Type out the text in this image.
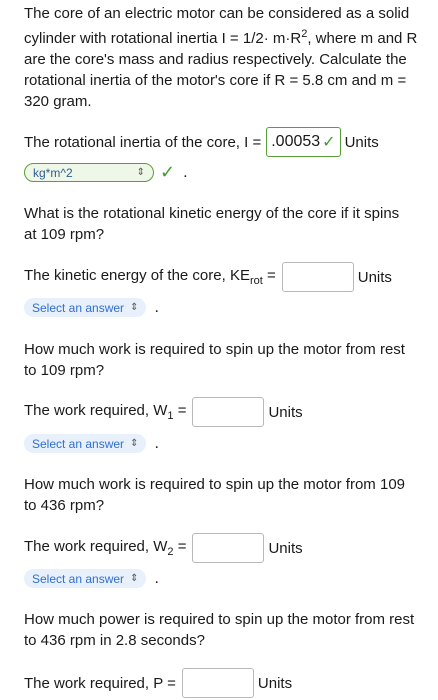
The core of an electric motor can be considered as a solid cylinder with rotational inertia $I = 1/2\cdot m\cdot R^2$, where m and R are the core's mass and radius respectively. Calculate the rotational inertia of the motor's core if R = 5.8 cm and m = 320 gram.

The rotational inertia of the core, I = .00053 ✓ Units
kg*m^2	⇕ ✓ .

What is the rotational kinetic energy of the core if it spins at 109 rpm?

The kinetic energy of the core, $KE_{rot}$ =	Units
Select an answer ⇕ .

How much work is required to spin up the motor from rest to 109 rpm?

The work required, $W_1$ =	Units
Select an answer ⇕ .

How much work is required to spin up the motor from 109 to 436 rpm?

The work required, $W_2$ =	Units
Select an answer ⇕ .

How much power is required to spin up the motor from rest to 436 rpm in 2.8 seconds?

The work required, P =	Units
